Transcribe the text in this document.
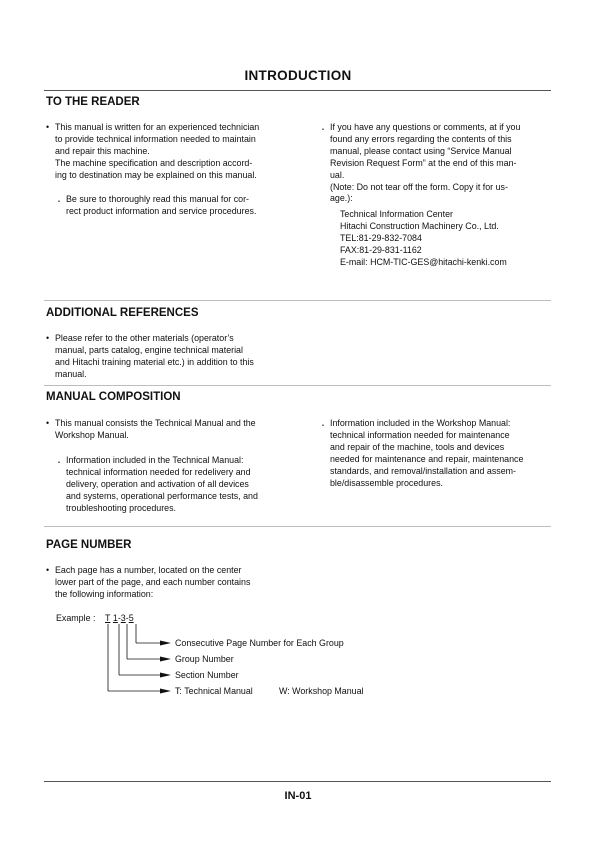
INTRODUCTION
TO THE READER
• This manual is written for an experienced technician
to provide technical information needed to maintain
and repair this machine.
The machine specification and description accord-
ing to destination may be explained on this manual.
・ Be sure to thoroughly read this manual for cor-
rect product information and service procedures.
・ If you have any questions or comments, at if you
found any errors regarding the contents of this
manual, please contact using “Service Manual
Revision Request Form” at the end of this man-
ual.
(Note: Do not tear off the form. Copy it for us-
age.):
Technical Information Center
Hitachi Construction Machinery Co., Ltd.
TEL:81-29-832-7084
FAX:81-29-831-1162
E-mail: HCM-TIC-GES@hitachi-kenki.com
ADDITIONAL REFERENCES
• Please refer to the other materials (operator’s
manual, parts catalog, engine technical material
and Hitachi training material etc.) in addition to this
manual.
MANUAL COMPOSITION
• This manual consists the Technical Manual and the
Workshop Manual.
・ Information included in the Technical Manual:
technical information needed for redelivery and
delivery, operation and activation of all devices
and systems, operational performance tests, and
troubleshooting procedures.
・ Information included in the Workshop Manual:
technical information needed for maintenance
and repair of the machine, tools and devices
needed for maintenance and repair, maintenance
standards, and removal/installation and assem-
ble/disassemble procedures.
PAGE NUMBER
• Each page has a number, located on the center
lower part of the page, and each number contains
the following information:
Example : T 1-3-5
Consecutive Page Number for Each Group
Group Number
Section Number
T: Technical Manual	W: Workshop Manual
IN-01
